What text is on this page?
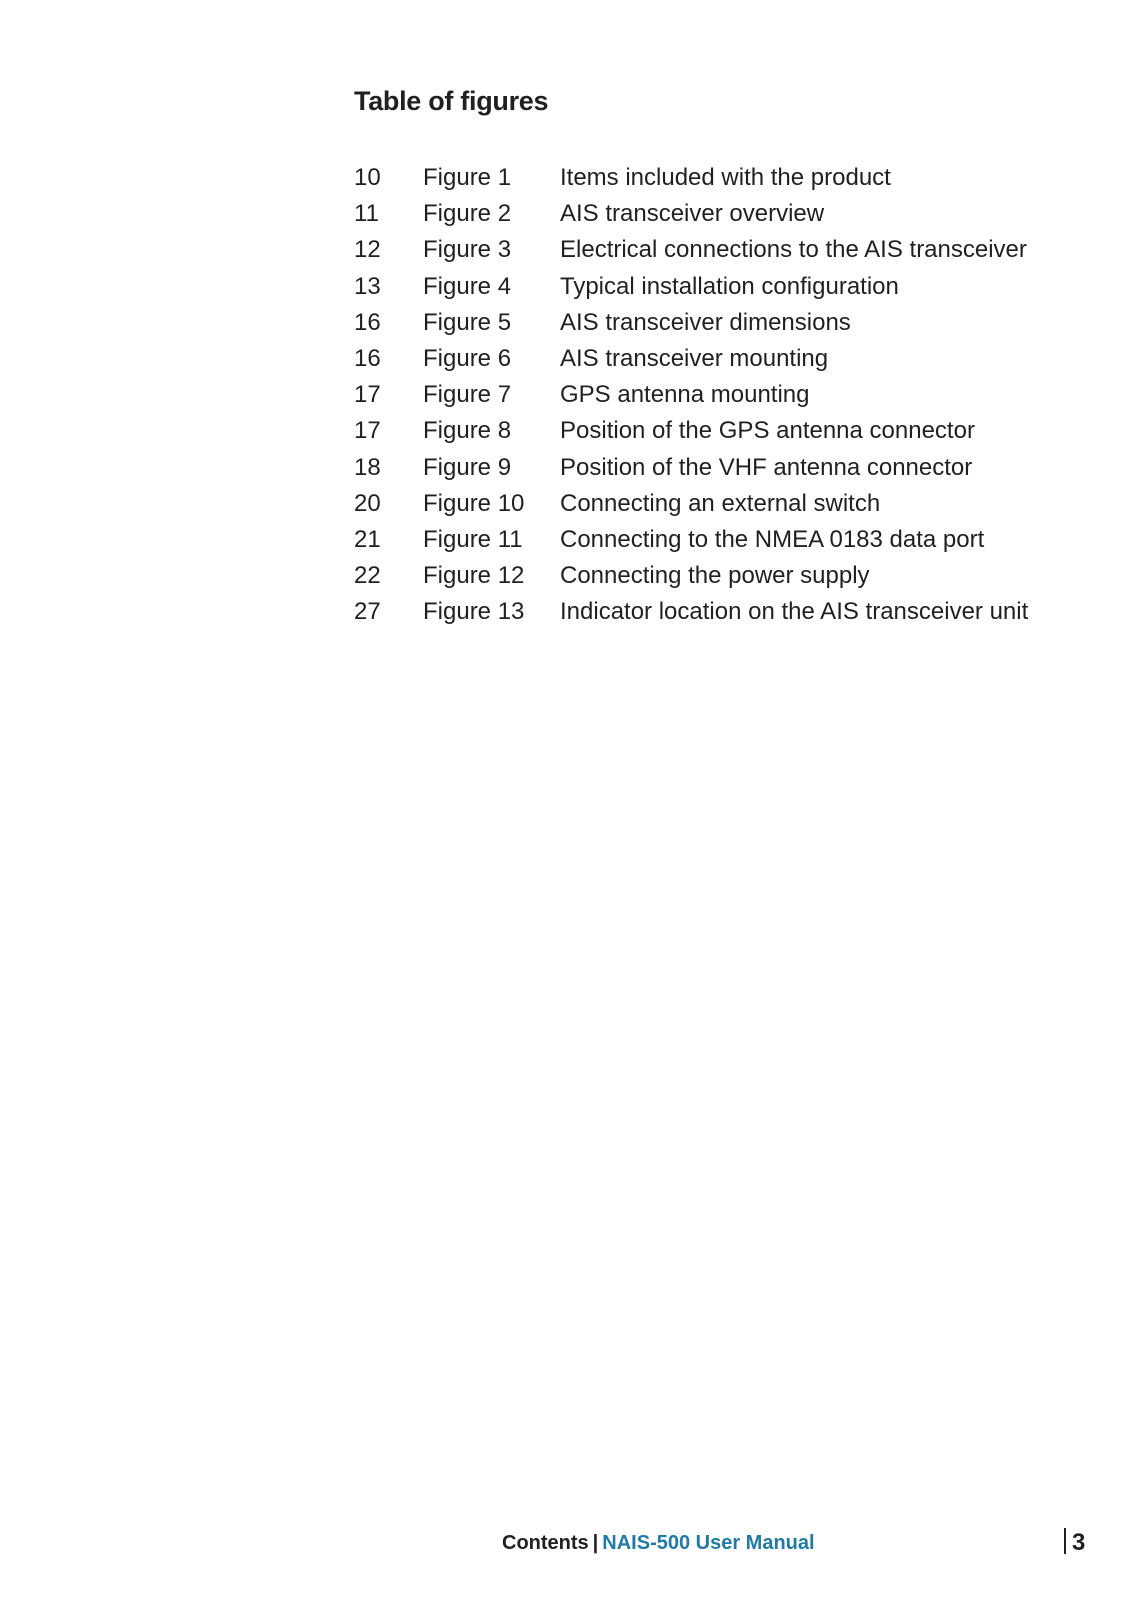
Table of figures
10	Figure 1	Items included with the product
11	Figure 2	AIS transceiver overview
12	Figure 3	Electrical connections to the AIS transceiver
13	Figure 4	Typical installation configuration
16	Figure 5	AIS transceiver dimensions
16	Figure 6	AIS transceiver mounting
17	Figure 7	GPS antenna mounting
17	Figure 8	Position of the GPS antenna connector
18	Figure 9	Position of the VHF antenna connector
20	Figure 10	Connecting an external switch
21	Figure 11	Connecting to the NMEA 0183 data port
22	Figure 12	Connecting the power supply
27	Figure 13	Indicator location on the AIS transceiver unit
Contents | NAIS-500 User Manual	3
